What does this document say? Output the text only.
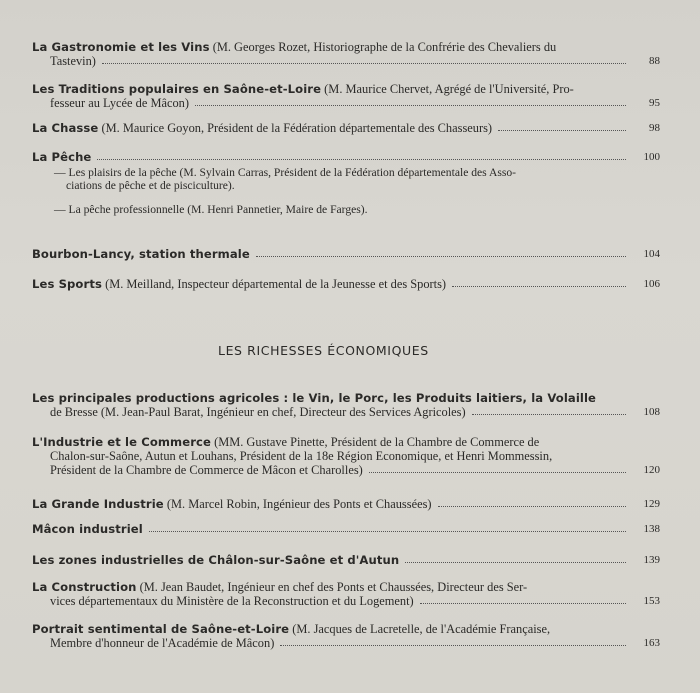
La Gastronomie et les Vins
(M. Georges Rozet, Historiographe de la Confrérie des Chevaliers du
Tastevin)	88
Les Traditions populaires en Saône-et-Loire
(M. Maurice Chervet, Agrégé de l'Université, Pro-
fesseur au Lycée de Mâcon)	95
La Chasse
(M. Maurice Goyon, Président de la Fédération départementale des Chasseurs)	98
La Pêche	100
— Les plaisirs de la pêche (M. Sylvain Carras, Président de la Fédération départementale des Asso-
ciations de pêche et de pisciculture).
— La pêche professionnelle (M. Henri Pannetier, Maire de Farges).
Bourbon-Lancy, station thermale	104
Les Sports
(M. Meilland, Inspecteur départemental de la Jeunesse et des Sports)	106
LES RICHESSES ÉCONOMIQUES
Les principales productions agricoles : le Vin, le Porc, les Produits laitiers, la Volaille
de Bresse (M. Jean-Paul Barat, Ingénieur en chef, Directeur des Services Agricoles)	108
L'Industrie et le Commerce
(MM. Gustave Pinette, Président de la Chambre de Commerce de
Chalon-sur-Saône, Autun et Louhans, Président de la 18e Région Economique, et Henri Mommessin,
Président de la Chambre de Commerce de Mâcon et Charolles)	120
La Grande Industrie
(M. Marcel Robin, Ingénieur des Ponts et Chaussées)	129
Mâcon industriel	138
Les zones industrielles de Châlon-sur-Saône et d'Autun	139
La Construction
(M. Jean Baudet, Ingénieur en chef des Ponts et Chaussées, Directeur des Ser-
vices départementaux du Ministère de la Reconstruction et du Logement)	153
Portrait sentimental de Saône-et-Loire
(M. Jacques de Lacretelle, de l'Académie Française,
Membre d'honneur de l'Académie de Mâcon)	163
